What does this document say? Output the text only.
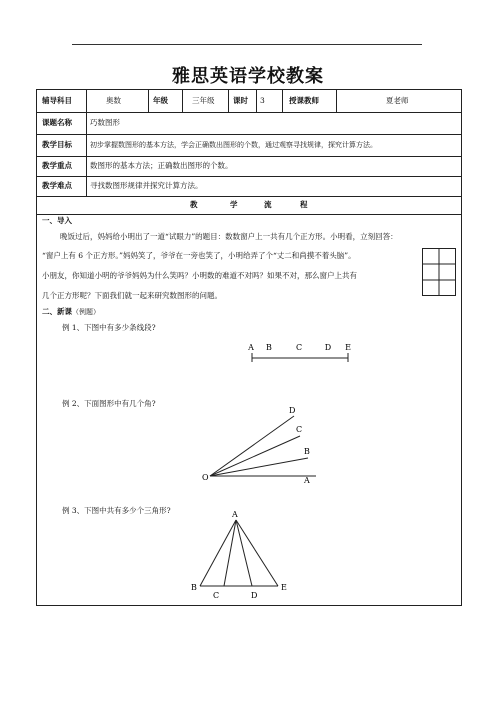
雅思英语学校教案
辅导科目	奥数	年级	三年级 课时 3	授课教师	夏老师
课题名称 巧数图形
教学目标	初步掌握数图形的基本方法，学会正确数出图形的个数，通过观察寻找规律，探究计算方法。
教学重点 数图形的基本方法；正确数出图形的个数。
教学难点 寻找数图形规律并探究计算方法。
教	学	流	程
一、导入
晚饭过后，妈妈给小明出了一道“试眼力”的题目：数数窗户上一共有几个正方形。小明看，立刻回答：
“窗户上有 6 个正方形。”妈妈笑了，爷爷在一旁也笑了，小明给弄了个“丈二和尚摸不着头脑”。
小朋友，你知道小明的爷爷妈妈为什么笑吗？小明数的难道不对吗？如果不对，那么窗户上共有
几个正方形呢？下面我们就一起来研究数图形的问题。
二、新课（例题）
例 1、下图中有多少条线段?
A B	C	D E
例 2、下面图形中有几个角?
O	A
B
C
D
例 3、下图中共有多少个三角形?	A
B
C	D
E
